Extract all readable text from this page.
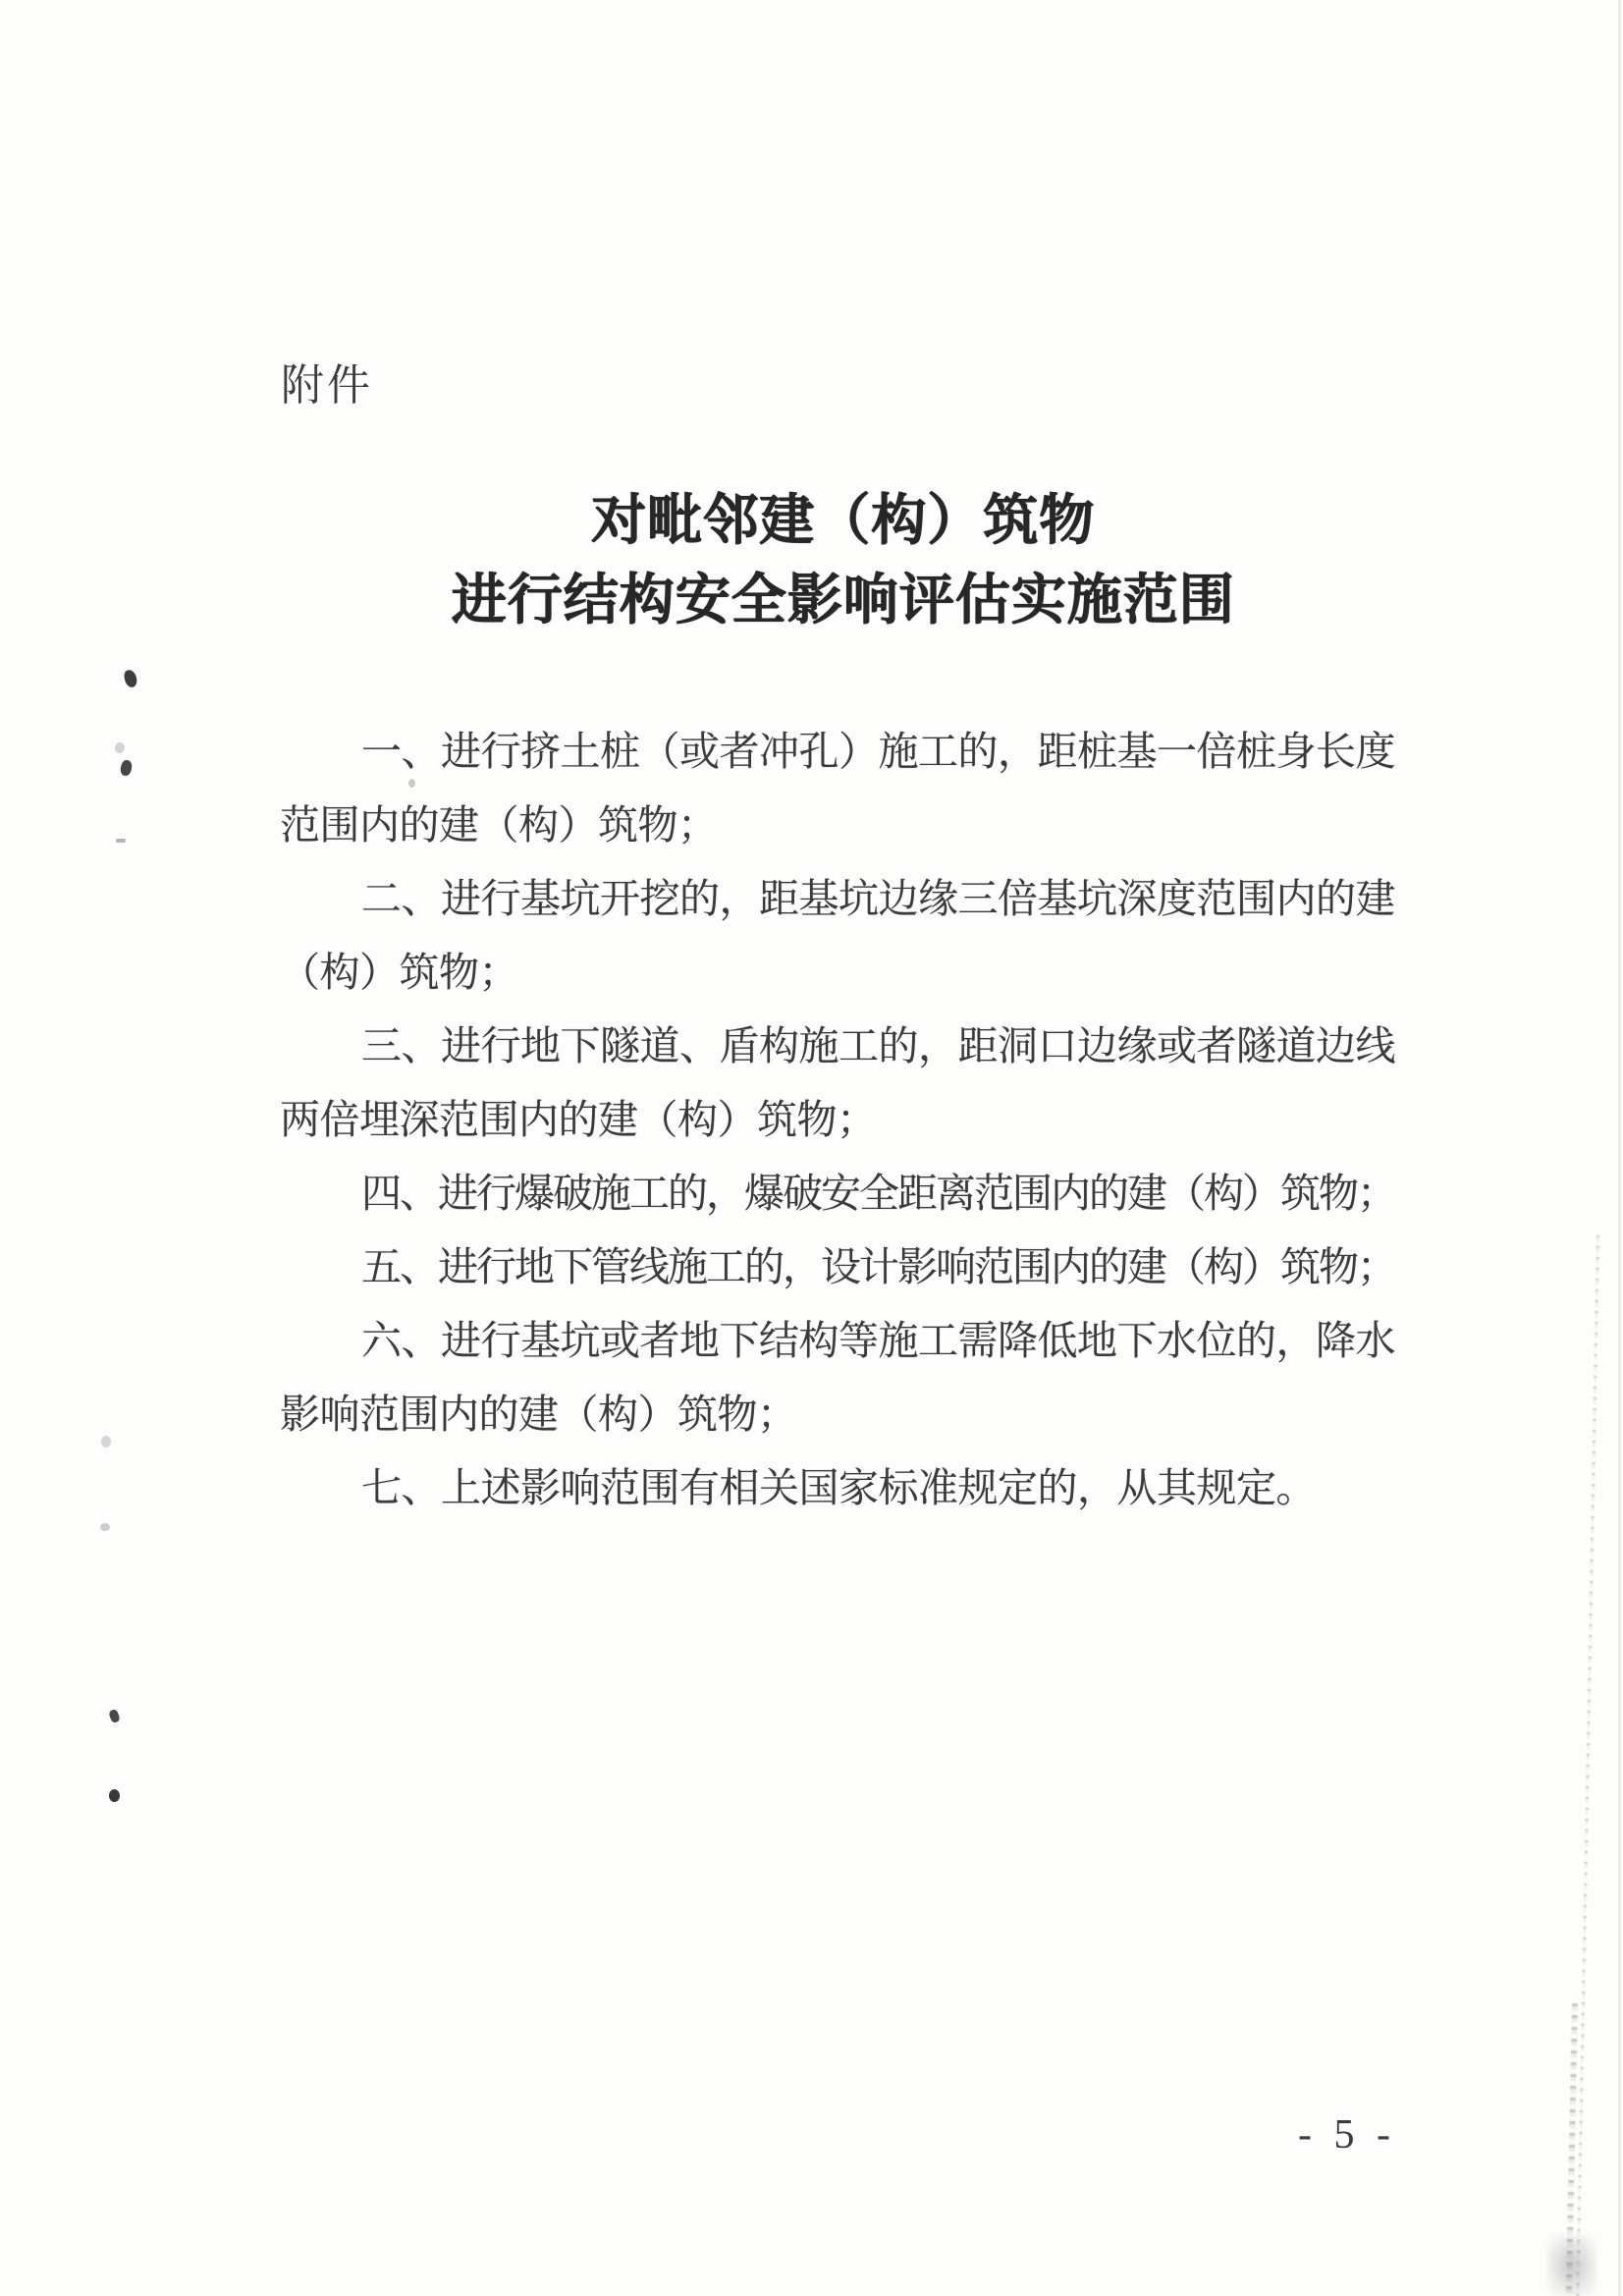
附件
对毗邻建（构）筑物
进行结构安全影响评估实施范围
一、进行挤土桩（或者冲孔）施工的，距桩基一倍桩身长度
范围内的建（构）筑物；
二、进行基坑开挖的，距基坑边缘三倍基坑深度范围内的建
（构）筑物；
三、进行地下隧道、盾构施工的，距洞口边缘或者隧道边线
两倍埋深范围内的建（构）筑物；
四、进行爆破施工的，爆破安全距离范围内的建（构）筑物；
五、进行地下管线施工的，设计影响范围内的建（构）筑物；
六、进行基坑或者地下结构等施工需降低地下水位的，降水
影响范围内的建（构）筑物；
七、上述影响范围有相关国家标准规定的，从其规定。
- 5 -
